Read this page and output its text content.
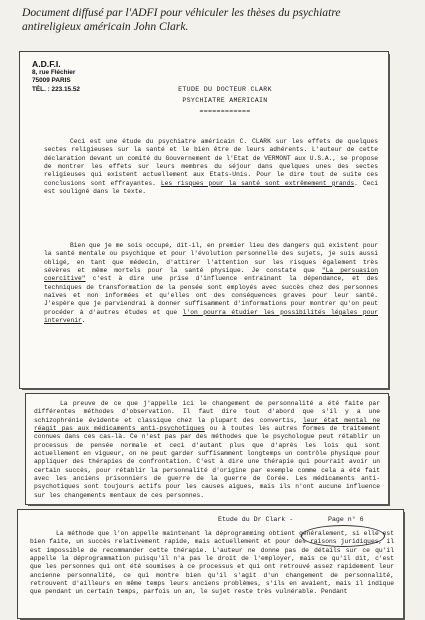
Document diffusé par l'ADFI pour véhiculer les thèses du psychiatre antireligieux américain John Clark.
A.D.F.I.
8, rue Fléchier
75009 PARIS
TÉL. : 223.15.52	ETUDE DU DOCTEUR CLARK
PSYCHIATRE AMERICAIN
============
Ceci est une étude du psychiatre américain C. CLARK sur les effets de quelques sectes religieuses sur la santé et le bien être de leurs adhérents. L'auteur de cette déclaration devant un comité du Gouvernement de l'Etat de VERMONT aux U.S.A., se propose de montrer les effets sur leurs membres du séjour dans quelques unes des sectes religieuses qui existent actuellement aux Etats-Unis. Pour le dire tout de suite ces conclusions sont effrayantes. Les risques pour la santé sont extrêmement grands. Ceci est souligné dans le texte.
Bien que je me sois occupé, dit-il, en premier lieu des dangers qui existent pour la santé mentale ou psychique et pour l'évolution personnelle des sujets, je suis aussi obligé, en tant que médecin, d'attirer l'attention sur les risques également très sévères et même mortels pour la santé physique. Je constate que "La persuasion coercitive" c'est à dire une prise d'influence entrainant la dépendance, et des techniques de transformation de la pensée sont employés avec succès chez des personnes naïves et non informées et qu'elles ont des conséquences graves pour leur santé. J'espère que je parviendrai à donner suffisamment d'informations pour montrer qu'on peut procéder à d'autres études et que l'on pourra étudier les possibilités légales pour intervenir.
La preuve de ce que j'appelle ici le changement de personnalité a été faite par différentes méthodes d'observation. Il faut dire tout d'abord que s'il y a une schizophrénie évidente et classique chez la plupart des convertis, leur état mental ne réagit pas aux médicaments anti-psychotiques ou à toutes les autres formes de traitement connues dans ces cas-là. Ce n'est pas par des méthodes que le psychologue peut rétablir un processus de pensée normale et ceci d'autant plus que d'après les lois qui sont actuellement en vigueur, on ne peut garder suffisamment longtemps un contrôle physique pour appliquer des thérapies de confrontation. C'est à dire une thérapie qui pourrait avoir un certain succès, pour rétablir la personnalité d'origine par exemple comme cela a été fait avec les anciens prisonniers de guerre de la guerre de Corée. Les médicaments anti-psychotiques sont toujours actifs pour les causes aigues, mais ils n'ont aucune influence sur les changements mentaux de ces personnes.
Etude du Dr Clark -	Page n° 6
La méthode que l'on appelle maintenant la déprogramming obtient généralement, si elle est bien faite, un succès relativement rapide, mais actuellement et pour des raisons juridiques, il est impossible de recommander cette thérapie. L'auteur ne donne pas de détails sur ce qu'il appelle la déprogrammation puisqu'il n'a pas le droit de l'employer, mais ce qu'il dit, c'est que les personnes qui ont été soumises à ce processus et qui ont retrouvé assez rapidement leur ancienne personnalité, ce qui montre bien qu'il s'agit d'un changement de personnalité, retrouvent d'ailleurs en même temps leurs anciens problèmes, s'ils en avaient, mais il indique que pendant un certain temps, parfois un an, le sujet reste très vulnérable. Pendant
